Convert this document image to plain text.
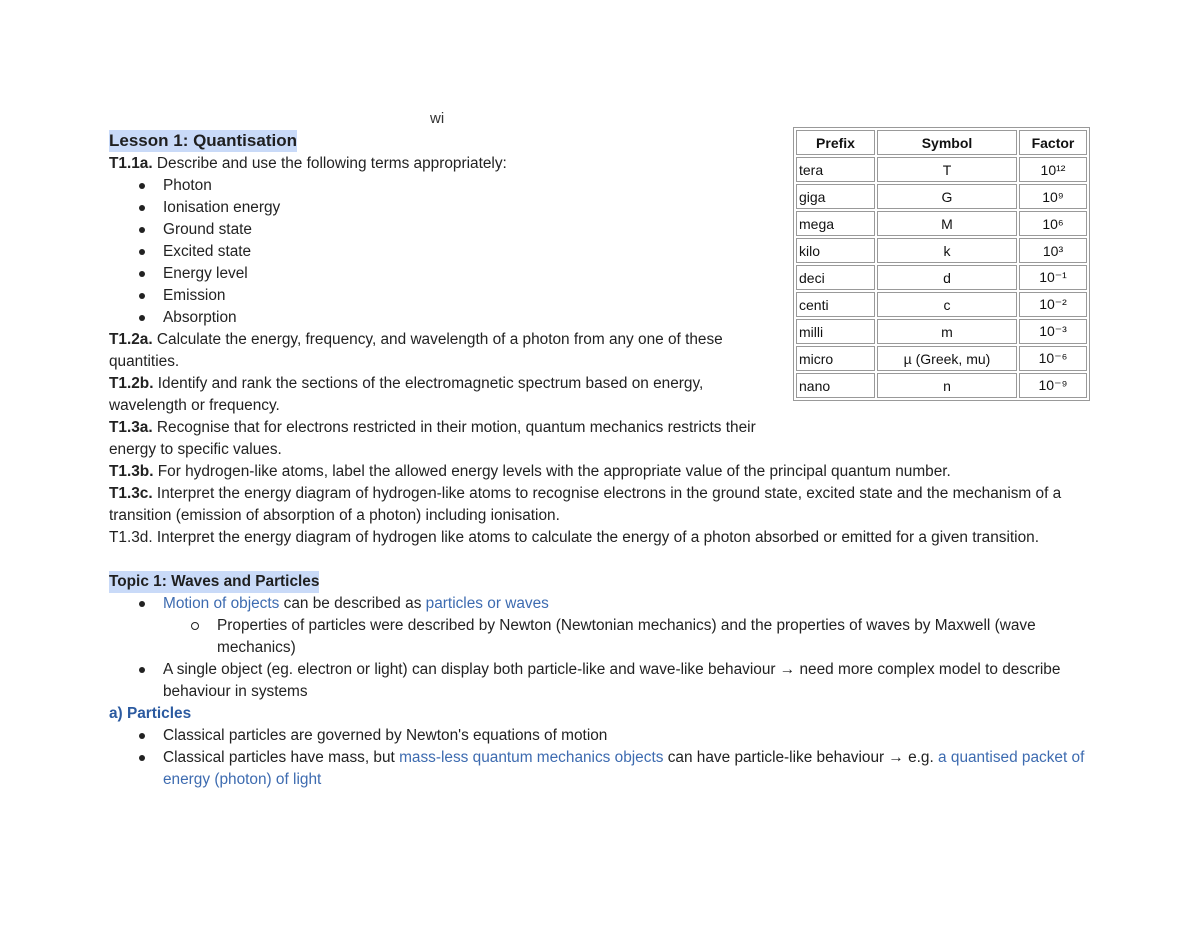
wi
Lesson 1: Quantisation
T1.1a. Describe and use the following terms appropriately:
Photon
Ionisation energy
Ground state
Excited state
Energy level
Emission
Absorption
T1.2a. Calculate the energy, frequency, and wavelength of a photon from any one of these quantities.
T1.2b. Identify and rank the sections of the electromagnetic spectrum based on energy, wavelength or frequency.
T1.3a. Recognise that for electrons restricted in their motion, quantum mechanics restricts their energy to specific values.
T1.3b. For hydrogen-like atoms, label the allowed energy levels with the appropriate value of the principal quantum number.
T1.3c. Interpret the energy diagram of hydrogen-like atoms to recognise electrons in the ground state, excited state and the mechanism of a transition (emission of absorption of a photon) including ionisation.
T1.3d. Interpret the energy diagram of hydrogen like atoms to calculate the energy of a photon absorbed or emitted for a given transition.
Topic 1: Waves and Particles
Motion of objects can be described as particles or waves
Properties of particles were described by Newton (Newtonian mechanics) and the properties of waves by Maxwell (wave mechanics)
A single object (eg. electron or light) can display both particle-like and wave-like behaviour → need more complex model to describe behaviour in systems
a) Particles
Classical particles are governed by Newton's equations of motion
Classical particles have mass, but mass-less quantum mechanics objects can have particle-like behaviour → e.g. a quantised packet of energy (photon) of light
Prefix	Symbol	Factor
tera	T	10¹²
giga	G	10⁹
mega	M	10⁶
kilo	k	10³
deci	d	10⁻¹
centi	c	10⁻²
milli	m	10⁻³
micro	µ (Greek, mu)	10⁻⁶
nano	n	10⁻⁹
